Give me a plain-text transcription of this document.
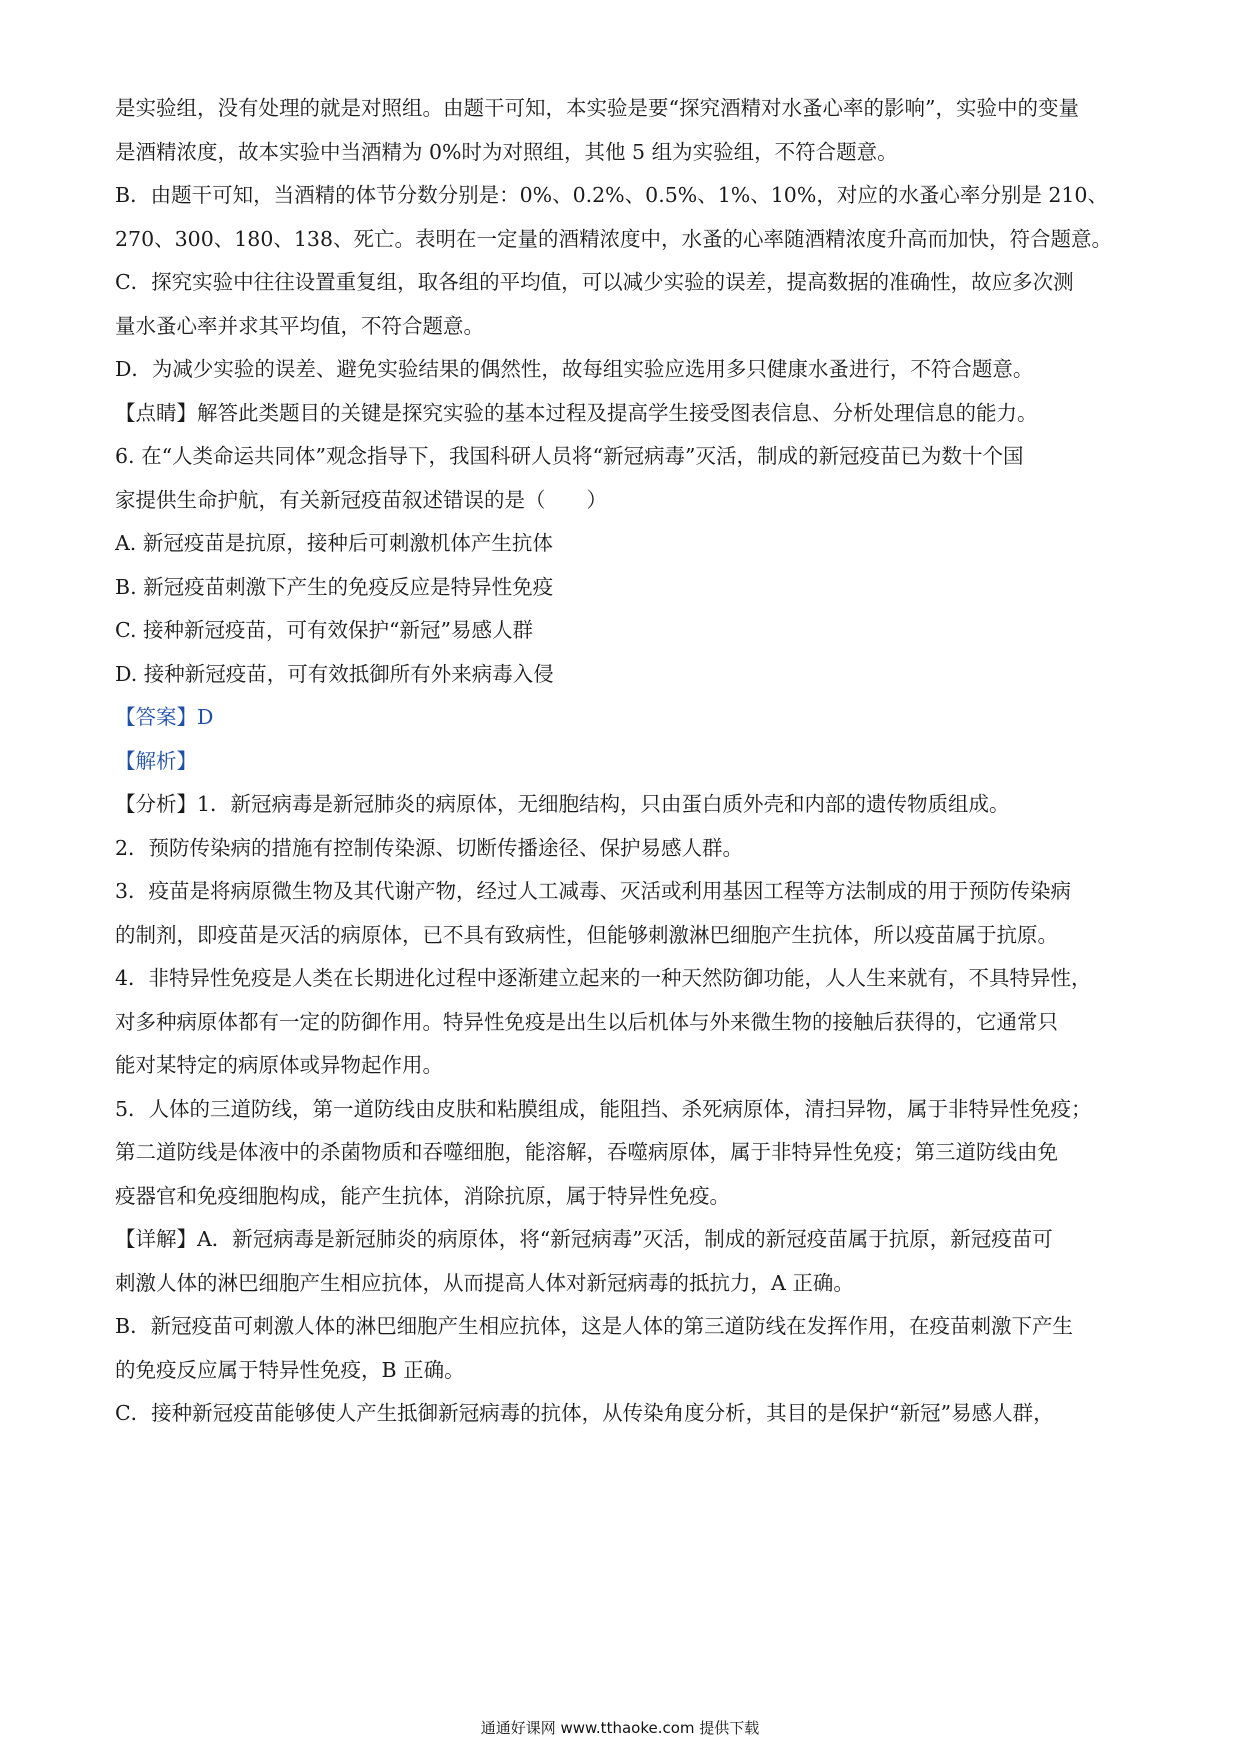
是实验组，没有处理的就是对照组。由题干可知，本实验是要“探究酒精对水蚤心率的影响”，实验中的变量
是酒精浓度，故本实验中当酒精为 0%时为对照组，其他 5 组为实验组，不符合题意。
B．由题干可知，当酒精的体节分数分别是：0%、0.2%、0.5%、1%、10%，对应的水蚤心率分别是 210、
270、300、180、138、死亡。表明在一定量的酒精浓度中，水蚤的心率随酒精浓度升高而加快，符合题意。
C．探究实验中往往设置重复组，取各组的平均值，可以减少实验的误差，提高数据的准确性，故应多次测
量水蚤心率并求其平均值，不符合题意。
D．为减少实验的误差、避免实验结果的偶然性，故每组实验应选用多只健康水蚤进行，不符合题意。
【点睛】解答此类题目的关键是探究实验的基本过程及提高学生接受图表信息、分析处理信息的能力。
6. 在“人类命运共同体”观念指导下，我国科研人员将“新冠病毒”灭活，制成的新冠疫苗已为数十个国
家提供生命护航，有关新冠疫苗叙述错误的是（　　）
A. 新冠疫苗是抗原，接种后可刺激机体产生抗体
B. 新冠疫苗刺激下产生的免疫反应是特异性免疫
C. 接种新冠疫苗，可有效保护“新冠”易感人群
D. 接种新冠疫苗，可有效抵御所有外来病毒入侵
【答案】D
【解析】
【分析】1．新冠病毒是新冠肺炎的病原体，无细胞结构，只由蛋白质外壳和内部的遗传物质组成。
2．预防传染病的措施有控制传染源、切断传播途径、保护易感人群。
3．疫苗是将病原微生物及其代谢产物，经过人工减毒、灭活或利用基因工程等方法制成的用于预防传染病
的制剂，即疫苗是灭活的病原体，已不具有致病性，但能够刺激淋巴细胞产生抗体，所以疫苗属于抗原。
4．非特异性免疫是人类在长期进化过程中逐渐建立起来的一种天然防御功能，人人生来就有，不具特异性，
对多种病原体都有一定的防御作用。特异性免疫是出生以后机体与外来微生物的接触后获得的，它通常只
能对某特定的病原体或异物起作用。
5．人体的三道防线，第一道防线由皮肤和粘膜组成，能阻挡、杀死病原体，清扫异物，属于非特异性免疫；
第二道防线是体液中的杀菌物质和吞噬细胞，能溶解，吞噬病原体，属于非特异性免疫；第三道防线由免
疫器官和免疫细胞构成，能产生抗体，消除抗原，属于特异性免疫。
【详解】A．新冠病毒是新冠肺炎的病原体，将“新冠病毒”灭活，制成的新冠疫苗属于抗原，新冠疫苗可
刺激人体的淋巴细胞产生相应抗体，从而提高人体对新冠病毒的抵抗力，A 正确。
B．新冠疫苗可刺激人体的淋巴细胞产生相应抗体，这是人体的第三道防线在发挥作用，在疫苗刺激下产生
的免疫反应属于特异性免疫，B 正确。
C．接种新冠疫苗能够使人产生抵御新冠病毒的抗体，从传染角度分析，其目的是保护“新冠”易感人群，
通通好课网 www.tthaoke.com 提供下载
